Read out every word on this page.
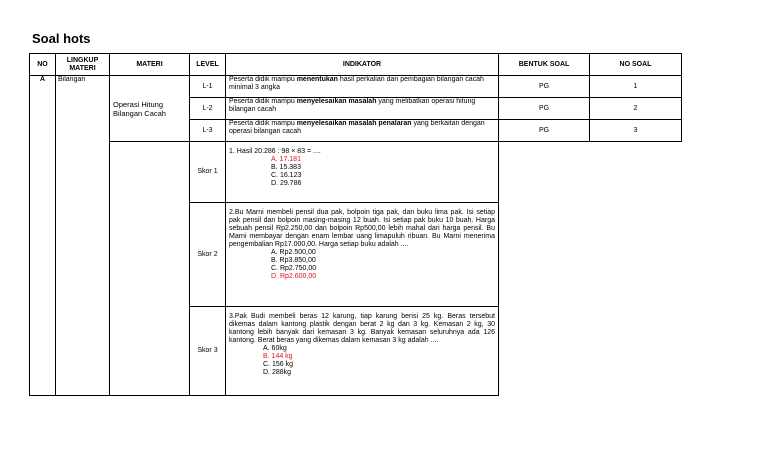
Soal hots
NO	LINGKUP MATERI	MATERI	LEVEL	INDIKATOR	BENTUK SOAL	NO SOAL
A	Bilangan	Operasi Hitung Bilangan Cacah	L-1	Peserta didik mampu menentukan hasil perkalian dan pembagian bilangan cacah minimal 3 angka	PG	1
			L-2	Peserta didik mampu menyelesaikan masalah yang melibatkan operasi hitung bilangan cacah	PG	2
			L-3	Peserta didik mampu menyelesaikan masalah penalaran yang berkaitan dengan operasi bilangan cacah	PG	3
			Skor 1	1. Hasil 20.286 : 98 × 83 = ....
A. 17.181
B. 15.383
C. 16.123
D. 29.786		

			Skor 2	2.Bu Marni membeli pensil dua pak, bolpoin tiga pak, dan buku lima pak. Isi setiap pak pensil dan bolpoin masing-masing 12 buah. Isi setiap pak buku 10 buah. Harga sebuah pensil Rp2.250,00 dan bolpoin Rp500,00 lebih mahal dari harga pensil. Bu Marni membayar dengan enam lembar uang limapuluh ribuan. Bu Marni menerima pengembalian Rp17.000,00. Harga setiap buku adalah ....
A. Rp2.500,00
B. Rp3.850,00
C. Rp2.750,00
D. Rp2.600,00		

			Skor 3	3.Pak Budi membeli beras 12 karung, tiap karung berisi 25 kg. Beras tersebut dikemas dalam kantong plastik dengan berat 2 kg dan 3 kg. Kemasan 2 kg, 30 kantong lebih banyak dari kemasan 3 kg. Banyak kemasan seluruhnya ada 126 kantong. Berat beras yang dikemas dalam kemasan 3 kg adalah ....
A. 60kg
B. 144 kg
C. 156 kg
D. 288kg		
